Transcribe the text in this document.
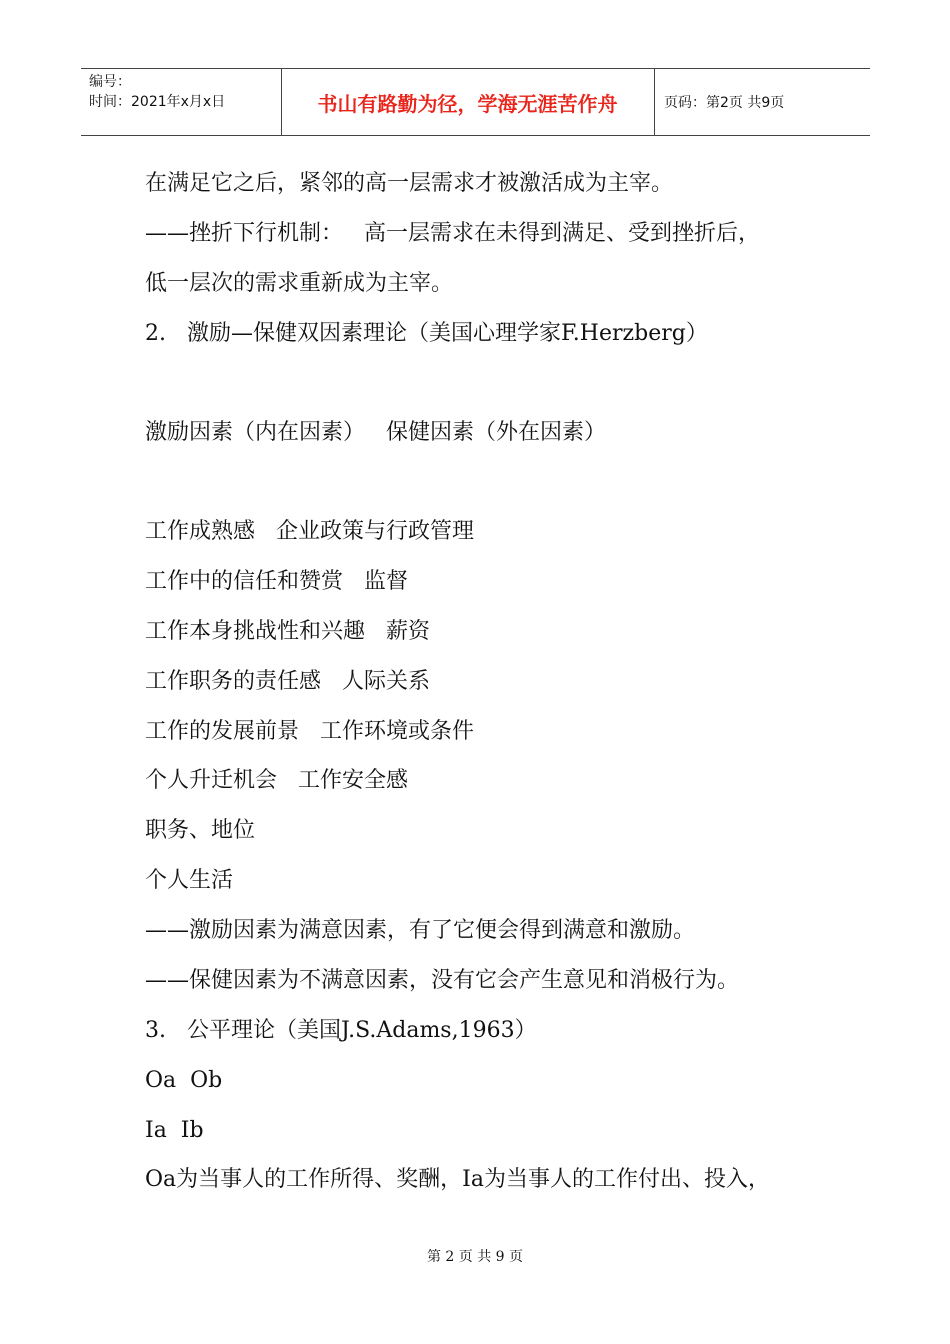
编号：
时间：2021年x月x日	书山有路勤为径，学海无涯苦作舟	页码：第2页 共9页
在满足它之后，紧邻的高一层需求才被激活成为主宰。
——挫折下行机制：   高一层需求在未得到满足、受到挫折后，
低一层次的需求重新成为主宰。
2.   激励—保健双因素理论（美国心理学家F.Herzberg）
激励因素（内在因素）   保健因素（外在因素）
工作成熟感   企业政策与行政管理
工作中的信任和赞赏   监督
工作本身挑战性和兴趣   薪资
工作职务的责任感   人际关系
工作的发展前景   工作环境或条件
个人升迁机会   工作安全感
职务、地位
个人生活
——激励因素为满意因素，有了它便会得到满意和激励。
——保健因素为不满意因素，没有它会产生意见和消极行为。
3.   公平理论（美国J.S.Adams,1963）
Oa  Ob
Ia  Ib
Oa为当事人的工作所得、奖酬，Ia为当事人的工作付出、投入，
第 2 页 共 9 页
